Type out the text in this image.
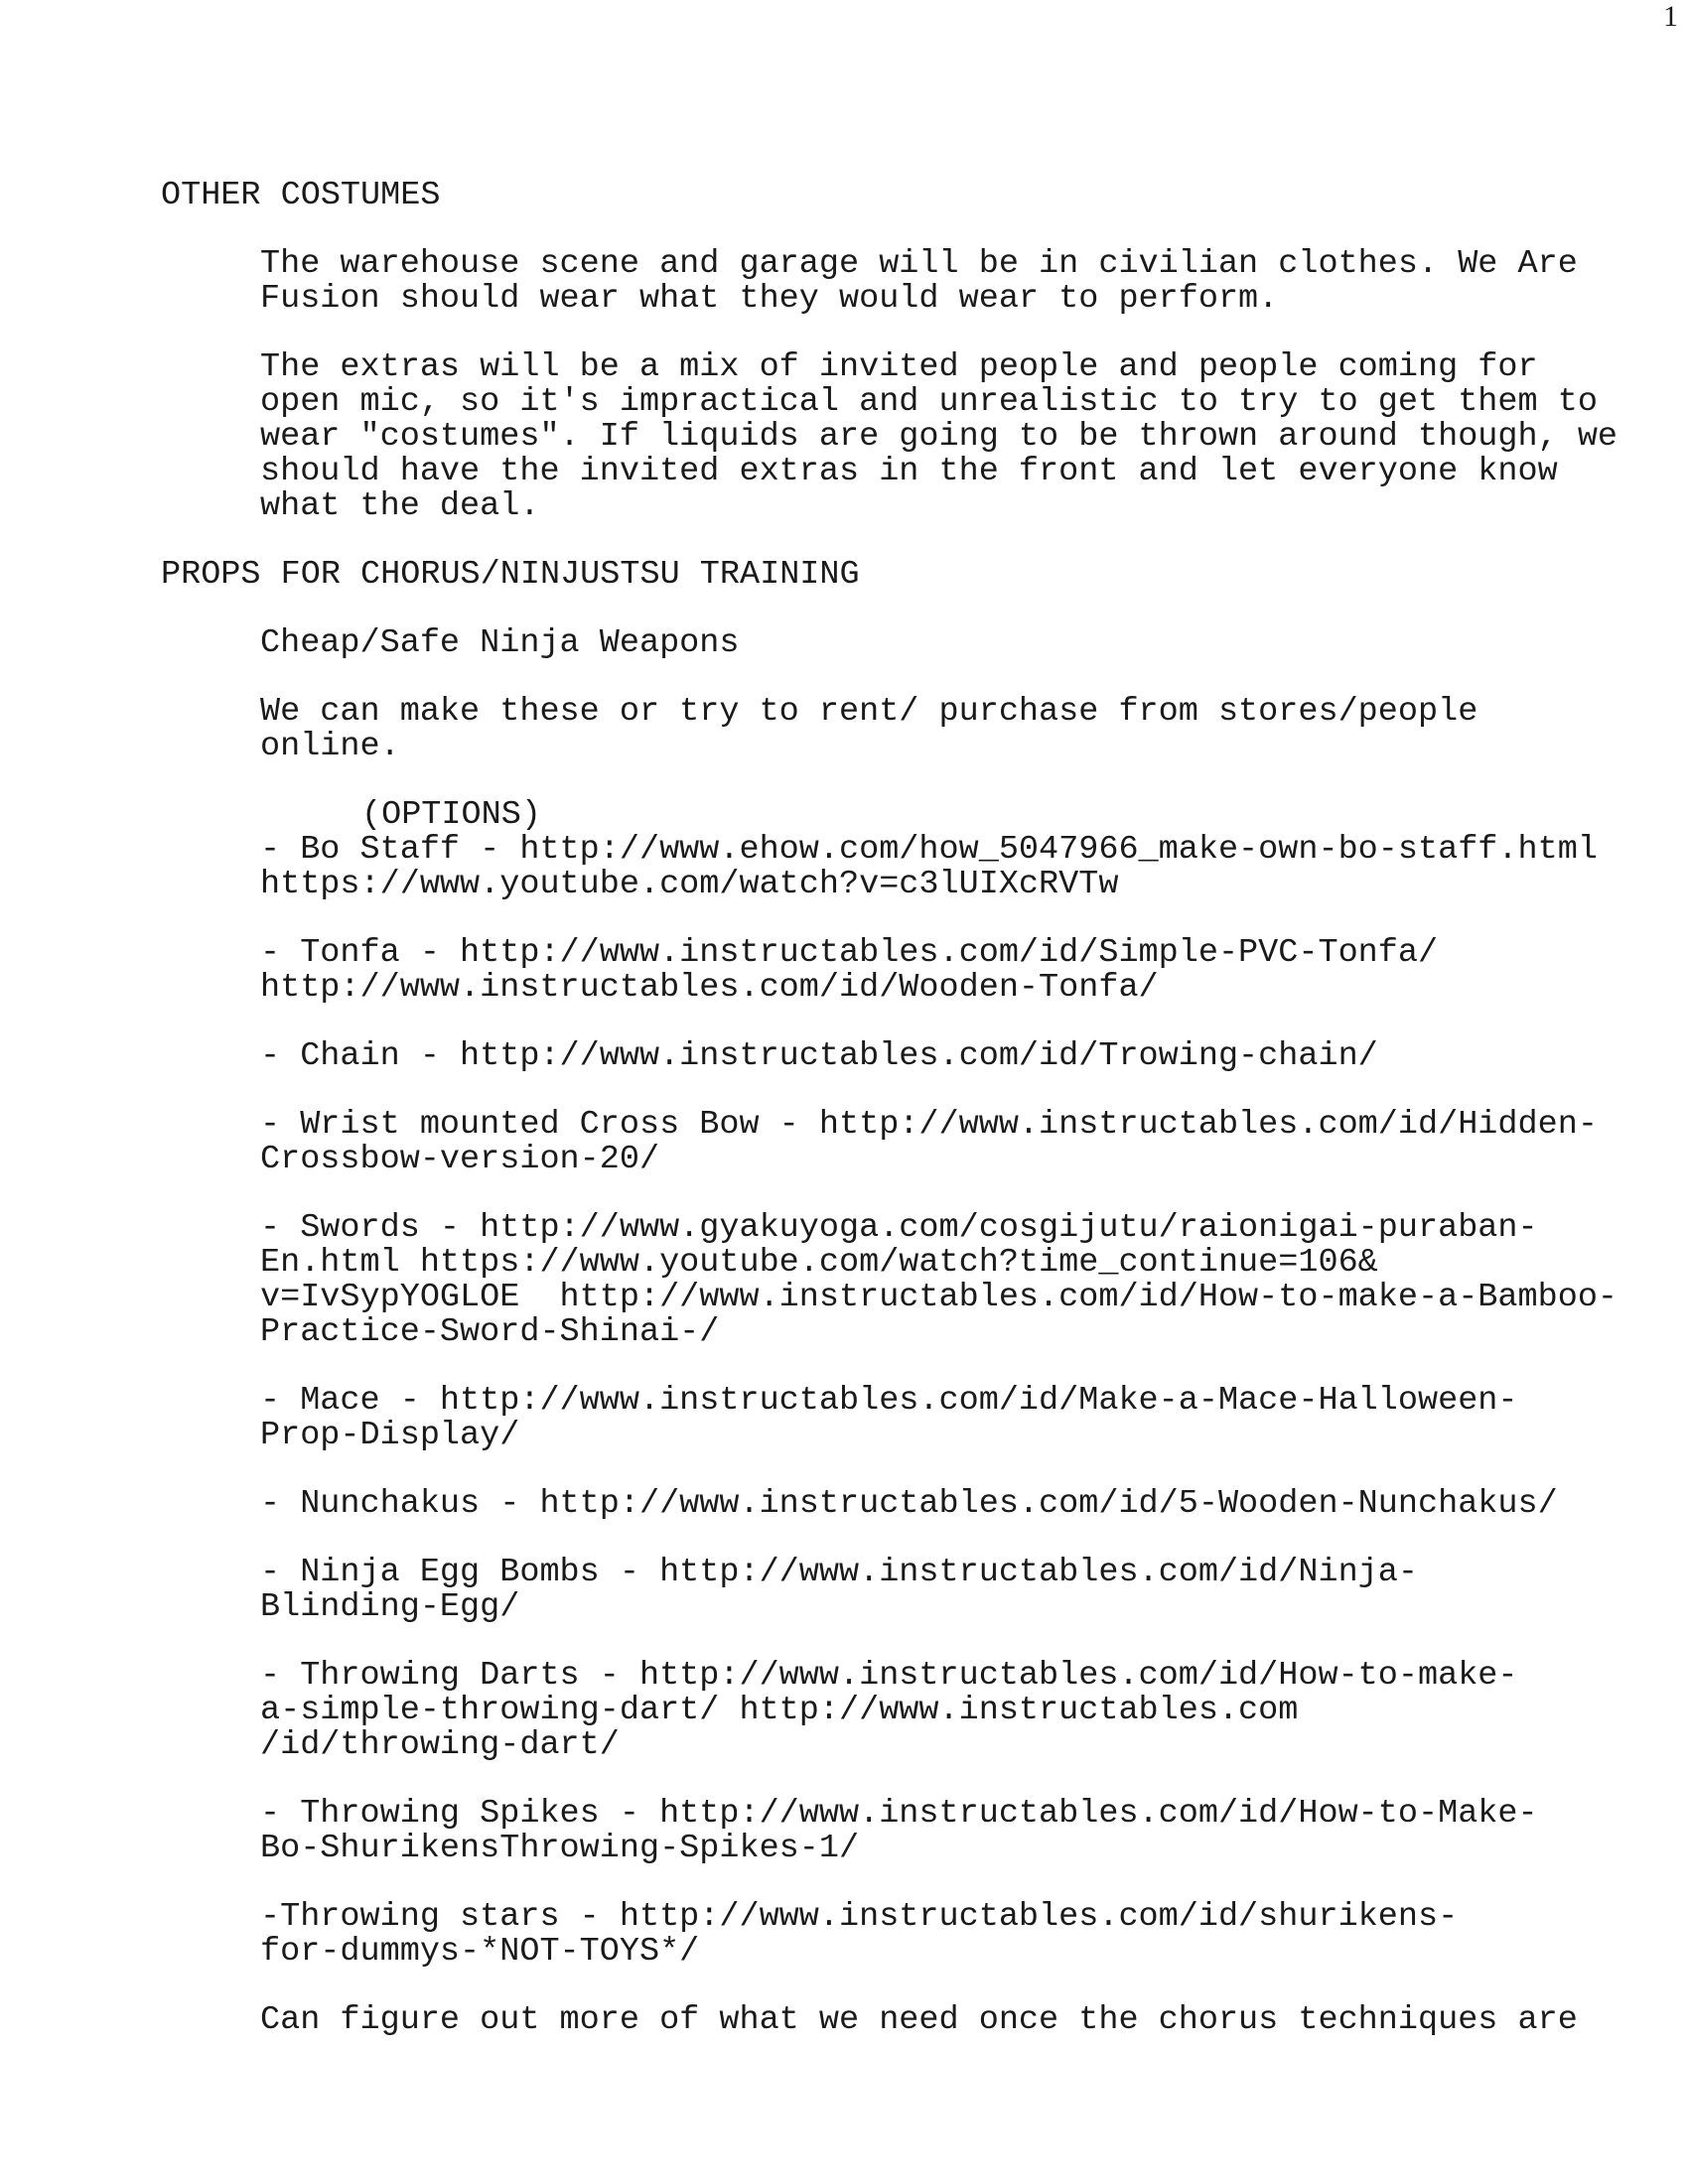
1
OTHER COSTUMES
The warehouse scene and garage will be in civilian clothes. We Are
Fusion should wear what they would wear to perform.
The extras will be a mix of invited people and people coming for
open mic, so it's impractical and unrealistic to try to get them to
wear "costumes". If liquids are going to be thrown around though, we
should have the invited extras in the front and let everyone know
what the deal.
PROPS FOR CHORUS/NINJUSTSU TRAINING
Cheap/Safe Ninja Weapons
We can make these or try to rent/ purchase from stores/people
online.
(OPTIONS)
- Bo Staff - http://www.ehow.com/how_5047966_make-own-bo-staff.html
https://www.youtube.com/watch?v=c3lUIXcRVTw
- Tonfa - http://www.instructables.com/id/Simple-PVC-Tonfa/
http://www.instructables.com/id/Wooden-Tonfa/
- Chain - http://www.instructables.com/id/Trowing-chain/
- Wrist mounted Cross Bow - http://www.instructables.com/id/Hidden-
Crossbow-version-20/
- Swords - http://www.gyakuyoga.com/cosgijutu/raionigai-puraban-
En.html https://www.youtube.com/watch?time_continue=106&
v=IvSypYOGLOE  http://www.instructables.com/id/How-to-make-a-Bamboo-
Practice-Sword-Shinai-/
- Mace - http://www.instructables.com/id/Make-a-Mace-Halloween-
Prop-Display/
- Nunchakus - http://www.instructables.com/id/5-Wooden-Nunchakus/
- Ninja Egg Bombs - http://www.instructables.com/id/Ninja-
Blinding-Egg/
- Throwing Darts - http://www.instructables.com/id/How-to-make-
a-simple-throwing-dart/ http://www.instructables.com
/id/throwing-dart/
- Throwing Spikes - http://www.instructables.com/id/How-to-Make-
Bo-ShurikensThrowing-Spikes-1/
-Throwing stars - http://www.instructables.com/id/shurikens-
for-dummys-*NOT-TOYS*/
Can figure out more of what we need once the chorus techniques are
